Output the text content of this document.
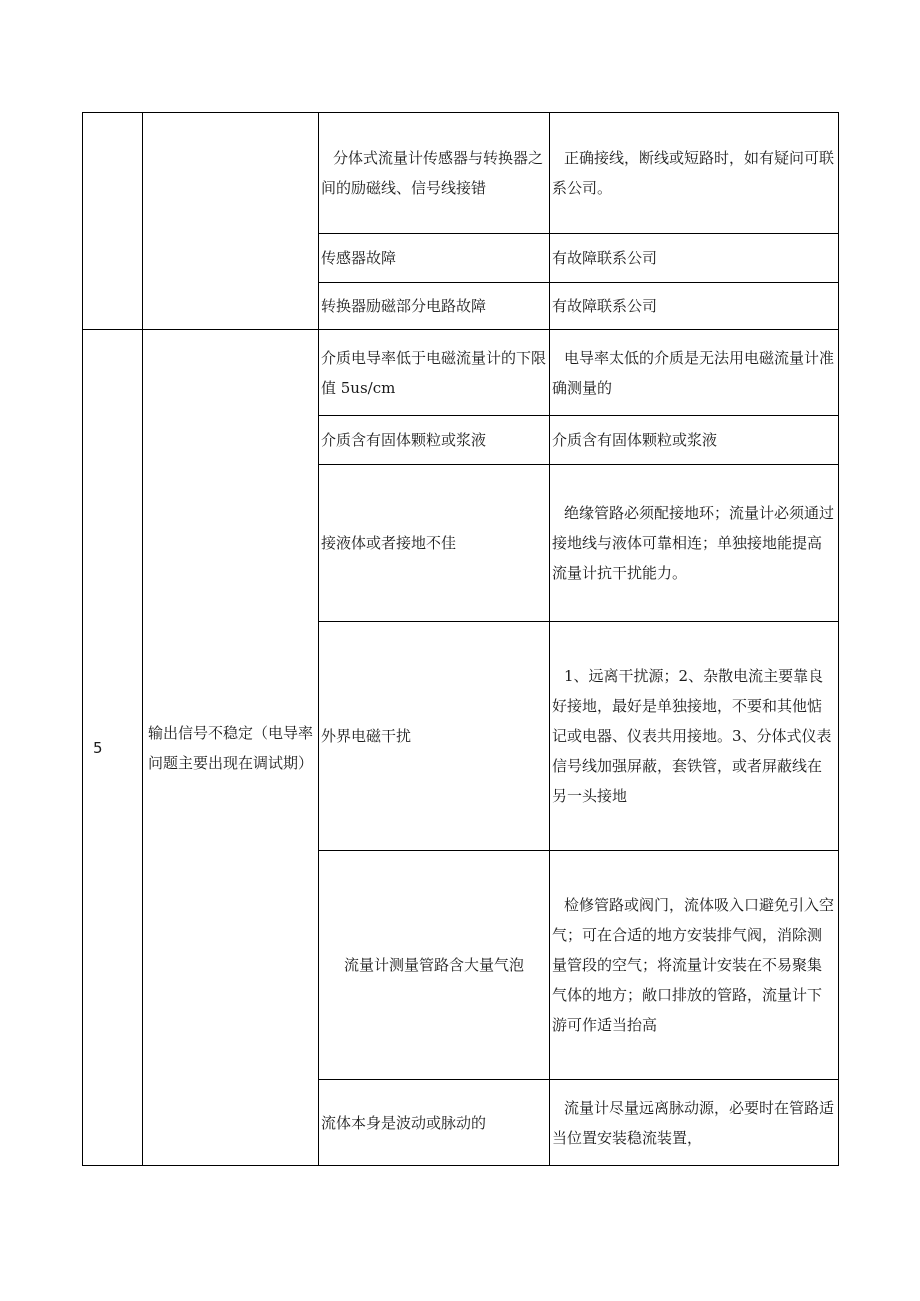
		分体式流量计传感器与转换器之间的励磁线、信号线接错	正确接线，断线或短路时，如有疑问可联系公司。
		传感器故障	有故障联系公司
		转换器励磁部分电路故障	有故障联系公司
5	输出信号不稳定（电导率问题主要出现在调试期）	介质电导率低于电磁流量计的下限值 5us/cm	电导率太低的介质是无法用电磁流量计准确测量的
		介质含有固体颗粒或浆液	介质含有固体颗粒或浆液
		接液体或者接地不佳	绝缘管路必须配接地环；流量计必须通过接地线与液体可靠相连；单独接地能提高流量计抗干扰能力。
		外界电磁干扰	1、远离干扰源；2、杂散电流主要靠良好接地，最好是单独接地，不要和其他惦记或电器、仪表共用接地。3、分体式仪表信号线加强屏蔽，套铁管，或者屏蔽线在另一头接地
		流量计测量管路含大量气泡	检修管路或阀门，流体吸入口避免引入空气；可在合适的地方安装排气阀，消除测量管段的空气；将流量计安装在不易聚集气体的地方；敞口排放的管路，流量计下游可作适当抬高
		流体本身是波动或脉动的	流量计尽量远离脉动源，必要时在管路适当位置安装稳流装置，
